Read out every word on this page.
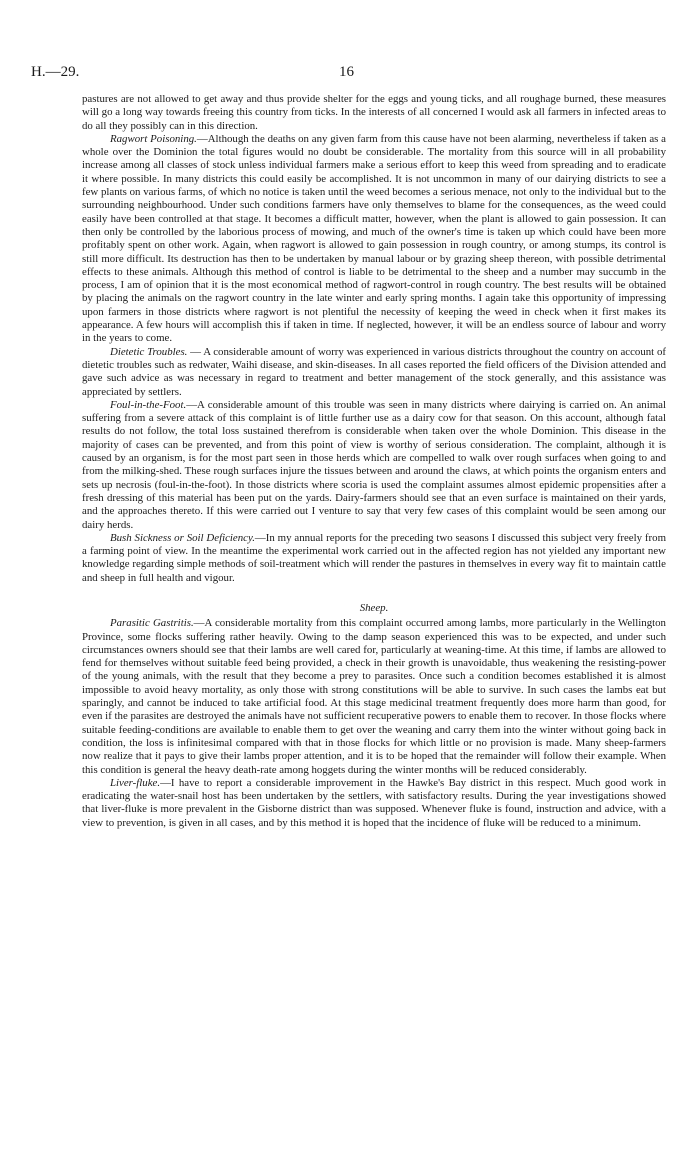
H.—29.	16

pastures are not allowed to get away and thus provide shelter for the eggs and young ticks, and all roughage burned, these measures will go a long way towards freeing this country from ticks. In the interests of all concerned I would ask all farmers in infected areas to do all they possibly can in this direction.

Ragwort Poisoning.—Although the deaths on any given farm from this cause have not been alarming, nevertheless if taken as a whole over the Dominion the total figures would no doubt be considerable. The mortality from this source will in all probability increase among all classes of stock unless individual farmers make a serious effort to keep this weed from spreading and to eradicate it where possible. In many districts this could easily be accomplished. It is not uncommon in many of our dairying districts to see a few plants on various farms, of which no notice is taken until the weed becomes a serious menace, not only to the individual but to the surrounding neighbourhood. Under such conditions farmers have only themselves to blame for the consequences, as the weed could easily have been controlled at that stage. It becomes a difficult matter, however, when the plant is allowed to gain possession. It can then only be controlled by the laborious process of mowing, and much of the owner's time is taken up which could have been more profitably spent on other work. Again, when ragwort is allowed to gain possession in rough country, or among stumps, its control is still more difficult. Its destruction has then to be undertaken by manual labour or by grazing sheep thereon, with possible detrimental effects to these animals. Although this method of control is liable to be detrimental to the sheep and a number may succumb in the process, I am of opinion that it is the most economical method of ragwort-control in rough country. The best results will be obtained by placing the animals on the ragwort country in the late winter and early spring months. I again take this opportunity of impressing upon farmers in those districts where ragwort is not plentiful the necessity of keeping the weed in check when it first makes its appearance. A few hours will accomplish this if taken in time. If neglected, however, it will be an endless source of labour and worry in the years to come.

Dietetic Troubles. — A considerable amount of worry was experienced in various districts throughout the country on account of dietetic troubles such as redwater, Waihi disease, and skin-diseases. In all cases reported the field officers of the Division attended and gave such advice as was necessary in regard to treatment and better management of the stock generally, and this assistance was appreciated by settlers.

Foul-in-the-Foot.—A considerable amount of this trouble was seen in many districts where dairying is carried on. An animal suffering from a severe attack of this complaint is of little further use as a dairy cow for that season. On this account, although fatal results do not follow, the total loss sustained therefrom is considerable when taken over the whole Dominion. This disease in the majority of cases can be prevented, and from this point of view is worthy of serious consideration. The complaint, although it is caused by an organism, is for the most part seen in those herds which are compelled to walk over rough surfaces when going to and from the milking-shed. These rough surfaces injure the tissues between and around the claws, at which points the organism enters and sets up necrosis (foul-in-the-foot). In those districts where scoria is used the complaint assumes almost epidemic propensities after a fresh dressing of this material has been put on the yards. Dairy-farmers should see that an even surface is maintained on their yards, and the approaches thereto. If this were carried out I venture to say that very few cases of this complaint would be seen among our dairy herds.

Bush Sickness or Soil Deficiency.—In my annual reports for the preceding two seasons I discussed this subject very freely from a farming point of view. In the meantime the experimental work carried out in the affected region has not yielded any important new knowledge regarding simple methods of soil-treatment which will render the pastures in themselves in every way fit to maintain cattle and sheep in full health and vigour.

Sheep.

Parasitic Gastritis.—A considerable mortality from this complaint occurred among lambs, more particularly in the Wellington Province, some flocks suffering rather heavily. Owing to the damp season experienced this was to be expected, and under such circumstances owners should see that their lambs are well cared for, particularly at weaning-time. At this time, if lambs are allowed to fend for themselves without suitable feed being provided, a check in their growth is unavoidable, thus weakening the resisting-power of the young animals, with the result that they become a prey to parasites. Once such a condition becomes established it is almost impossible to avoid heavy mortality, as only those with strong constitutions will be able to survive. In such cases the lambs eat but sparingly, and cannot be induced to take artificial food. At this stage medicinal treatment frequently does more harm than good, for even if the parasites are destroyed the animals have not sufficient recuperative powers to enable them to recover. In those flocks where suitable feeding-conditions are available to enable them to get over the weaning and carry them into the winter without going back in condition, the loss is infinitesimal compared with that in those flocks for which little or no provision is made. Many sheep-farmers now realize that it pays to give their lambs proper attention, and it is to be hoped that the remainder will follow their example. When this condition is general the heavy death-rate among hoggets during the winter months will be reduced considerably.

Liver-fluke.—I have to report a considerable improvement in the Hawke's Bay district in this respect. Much good work in eradicating the water-snail host has been undertaken by the settlers, with satisfactory results. During the year investigations showed that liver-fluke is more prevalent in the Gisborne district than was supposed. Whenever fluke is found, instruction and advice, with a view to prevention, is given in all cases, and by this method it is hoped that the incidence of fluke will be reduced to a minimum.
